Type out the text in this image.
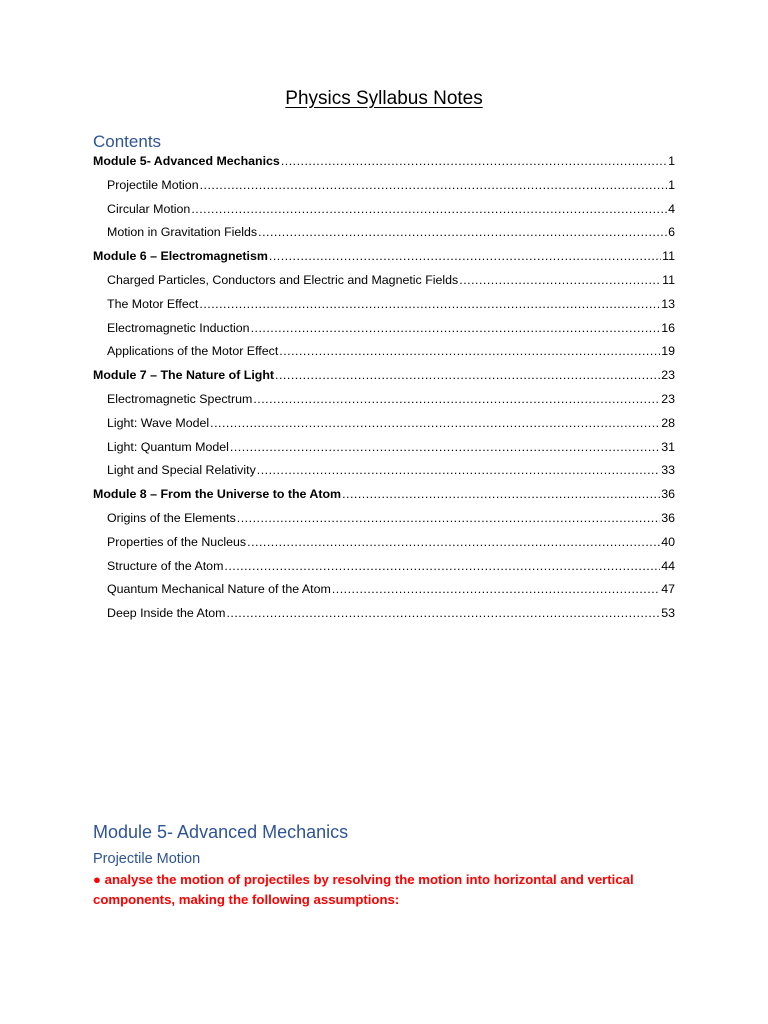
Physics Syllabus Notes
Contents
Module 5- Advanced Mechanics .....	1
Projectile Motion .....	1
Circular Motion .....	4
Motion in Gravitation Fields .....	6
Module 6 – Electromagnetism .....	11
Charged Particles, Conductors and Electric and Magnetic Fields .....	11
The Motor Effect .....	13
Electromagnetic Induction .....	16
Applications of the Motor Effect .....	19
Module 7 – The Nature of Light .....	23
Electromagnetic Spectrum .....	23
Light: Wave Model .....	28
Light: Quantum Model .....	31
Light and Special Relativity .....	33
Module 8 – From the Universe to the Atom .....	36
Origins of the Elements .....	36
Properties of the Nucleus .....	40
Structure of the Atom .....	44
Quantum Mechanical Nature of the Atom .....	47
Deep Inside the Atom .....	53
Module 5- Advanced Mechanics
Projectile Motion
● analyse the motion of projectiles by resolving the motion into horizontal and vertical components, making the following assumptions:
